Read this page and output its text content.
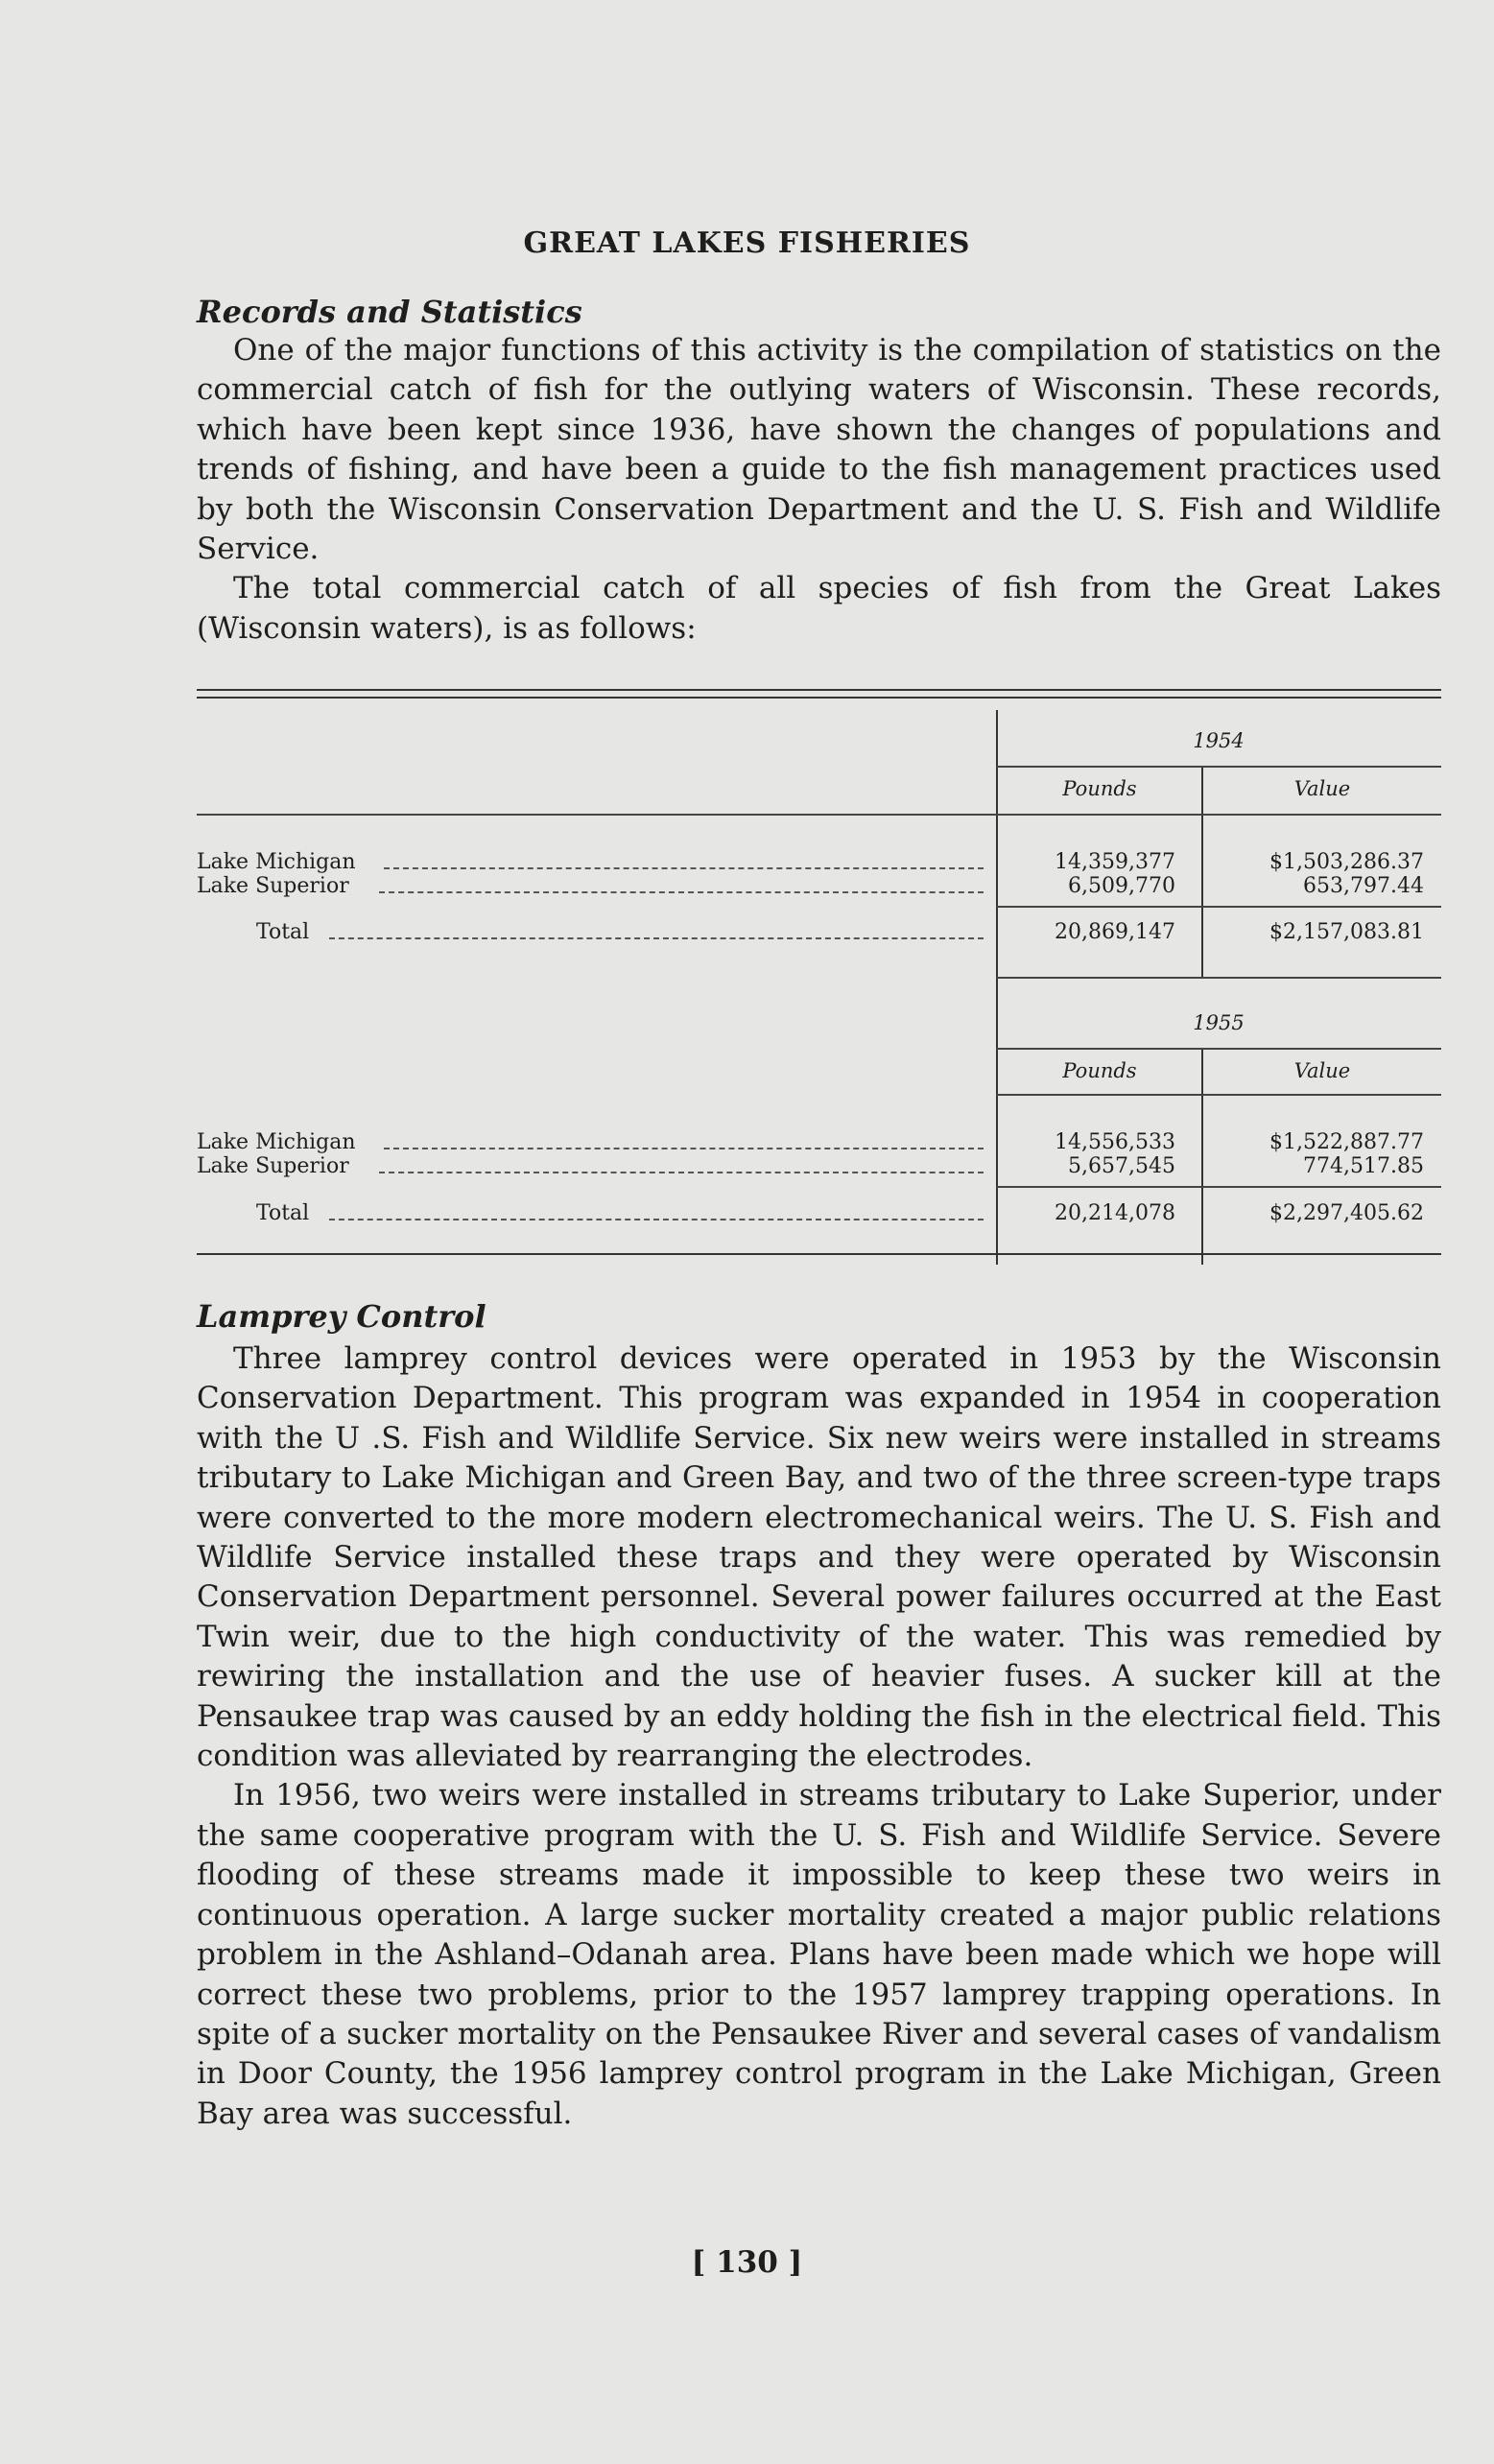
GREAT LAKES FISHERIES
Records and Statistics

One of the major functions of this activity is the compilation of statistics on the commercial catch of fish for the outlying waters of Wisconsin. These records, which have been kept since 1936, have shown the changes of populations and trends of fishing, and have been a guide to the fish management practices used by both the Wisconsin Conservation Department and the U. S. Fish and Wildlife Service.

The total commercial catch of all species of fish from the Great Lakes (Wisconsin waters), is as follows:

1954
Pounds	Value
Lake Michigan	14,359,377	$1,503,286.37
Lake Superior	6,509,770	653,797.44
Total	20,869,147	$2,157,083.81
1955
Pounds	Value
Lake Michigan	14,556,533	$1,522,887.77
Lake Superior	5,657,545	774,517.85
Total	20,214,078	$2,297,405.62
Lamprey Control

Three lamprey control devices were operated in 1953 by the Wisconsin Conservation Department. This program was expanded in 1954 in cooperation with the U .S. Fish and Wildlife Service. Six new weirs were installed in streams tributary to Lake Michigan and Green Bay, and two of the three screen-type traps were converted to the more modern electromechanical weirs. The U. S. Fish and Wildlife Service installed these traps and they were operated by Wisconsin Conservation Department personnel. Several power failures occurred at the East Twin weir, due to the high conductivity of the water. This was remedied by rewiring the installation and the use of heavier fuses. A sucker kill at the Pensaukee trap was caused by an eddy holding the fish in the electrical field. This condition was alleviated by rearranging the electrodes.

In 1956, two weirs were installed in streams tributary to Lake Superior, under the same cooperative program with the U. S. Fish and Wildlife Service. Severe flooding of these streams made it impossible to keep these two weirs in continuous operation. A large sucker mortality created a major public relations problem in the Ashland–Odanah area. Plans have been made which we hope will correct these two problems, prior to the 1957 lamprey trapping operations. In spite of a sucker mortality on the Pensaukee River and several cases of vandalism in Door County, the 1956 lamprey control program in the Lake Michigan, Green Bay area was successful.

[ 130 ]
